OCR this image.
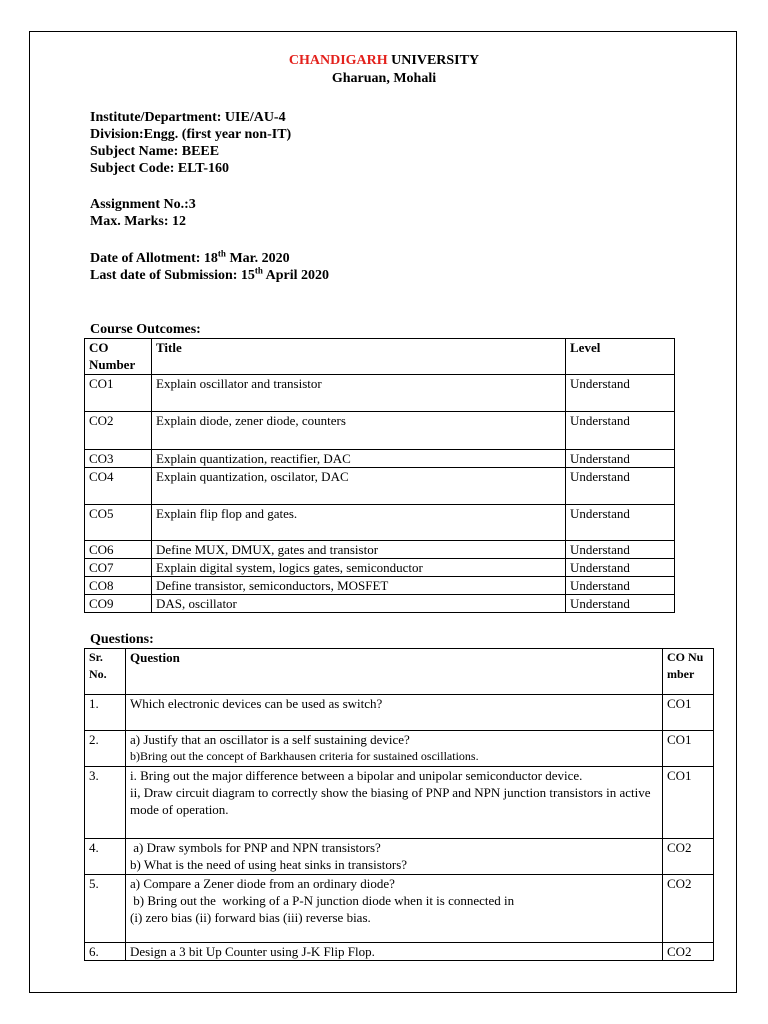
CHANDIGARH UNIVERSITY
Gharuan, Mohali
Institute/Department: UIE/AU-4
Division:Engg. (first year non-IT)
Subject Name: BEEE
Subject Code: ELT-160
Assignment No.:3
Max. Marks: 12
Date of Allotment: 18th Mar. 2020
Last date of Submission: 15th April 2020
Course Outcomes:
CO Number	Title	Level
CO1	Explain oscillator and transistor	Understand
CO2	Explain diode, zener diode, counters	Understand
CO3	Explain quantization, reactifier, DAC	Understand
CO4	Explain quantization, oscilator, DAC	Understand
CO5	Explain flip flop and gates.	Understand
CO6	Define MUX, DMUX, gates and transistor	Understand
CO7	Explain digital system, logics gates, semiconductor	Understand
CO8	Define transistor, semiconductors, MOSFET	Understand
CO9	DAS, oscillator	Understand
Questions:
Sr. No.	Question	CO Number
1.	Which electronic devices can be used as switch?	CO1
2.	a) Justify that an oscillator is a self sustaining device?
b)Bring out the concept of Barkhausen criteria for sustained oscillations.	CO1
3.	i. Bring out the major difference between a bipolar and unipolar semiconductor device.
ii, Draw circuit diagram to correctly show the biasing of PNP and NPN junction transistors in active mode of operation.	CO1
4.	a) Draw symbols for PNP and NPN transistors?
b) What is the need of using heat sinks in transistors?	CO2
5.	a) Compare a Zener diode from an ordinary diode?
b) Bring out the  working of a P-N junction diode when it is connected in
(i) zero bias (ii) forward bias (iii) reverse bias.	CO2
6.	Design a 3 bit Up Counter using J-K Flip Flop.	CO2
